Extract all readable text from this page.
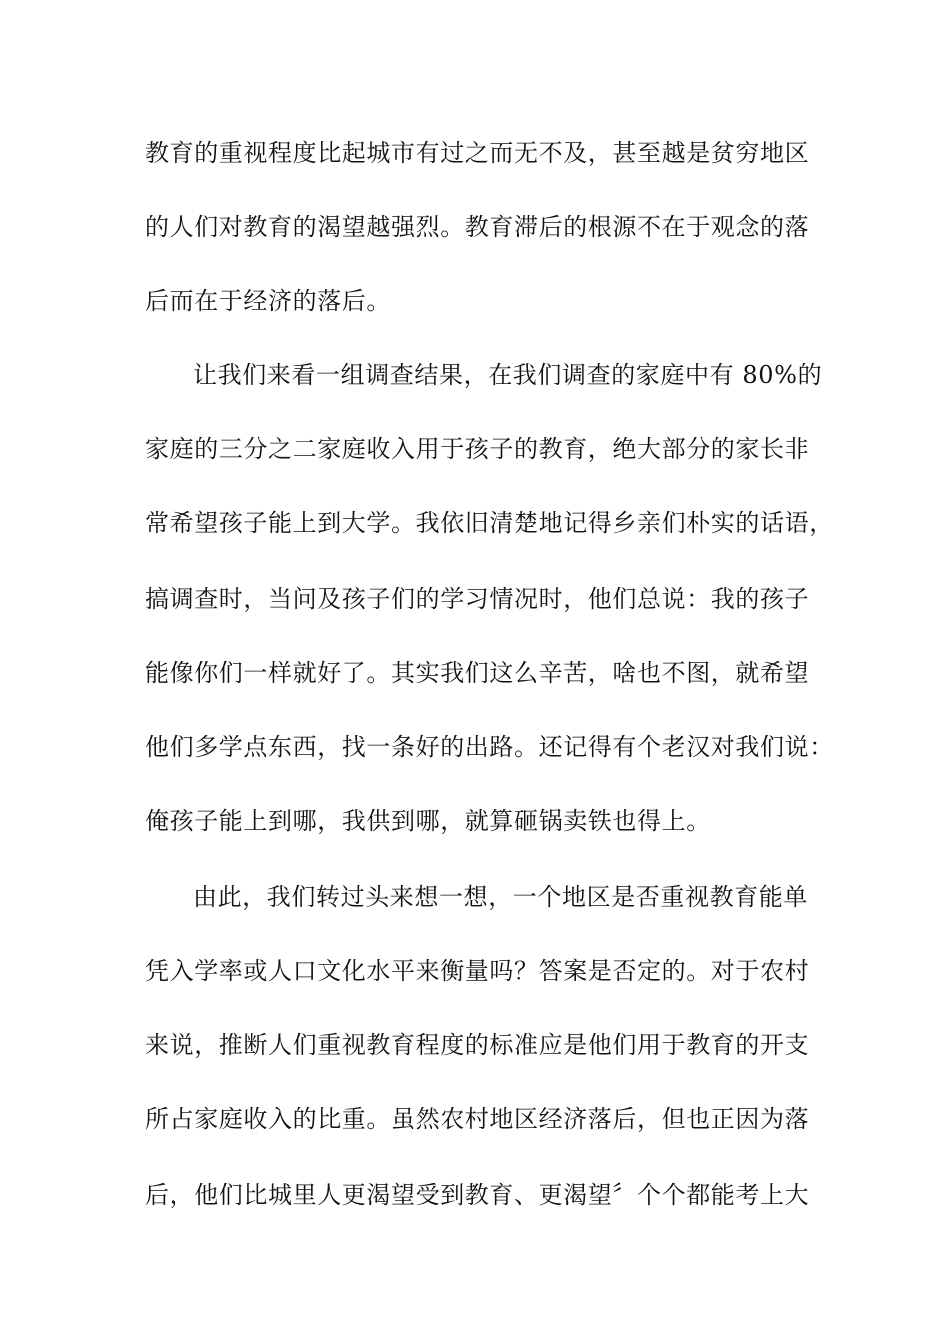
教育的重视程度比起城市有过之而无不及，甚至越是贫穷地区
的人们对教育的渴望越强烈。教育滞后的根源不在于观念的落
后而在于经济的落后。
让我们来看一组调查结果，在我们调查的家庭中有 80%的
家庭的三分之二家庭收入用于孩子的教育，绝大部分的家长非
常希望孩子能上到大学。我依旧清楚地记得乡亲们朴实的话语，
搞调查时，当问及孩子们的学习情况时，他们总说：我的孩子
能像你们一样就好了。其实我们这么辛苦，啥也不图，就希望
他们多学点东西，找一条好的出路。还记得有个老汉对我们说：
俺孩子能上到哪，我供到哪，就算砸锅卖铁也得上。
由此，我们转过头来想一想，一个地区是否重视教育能单
凭入学率或人口文化水平来衡量吗？答案是否定的。对于农村
来说，推断人们重视教育程度的标准应是他们用于教育的开支
所占家庭收入的比重。虽然农村地区经济落后，但也正因为落
后，他们比城里人更渴望受到教育、更渴望〞个个都能考上大
